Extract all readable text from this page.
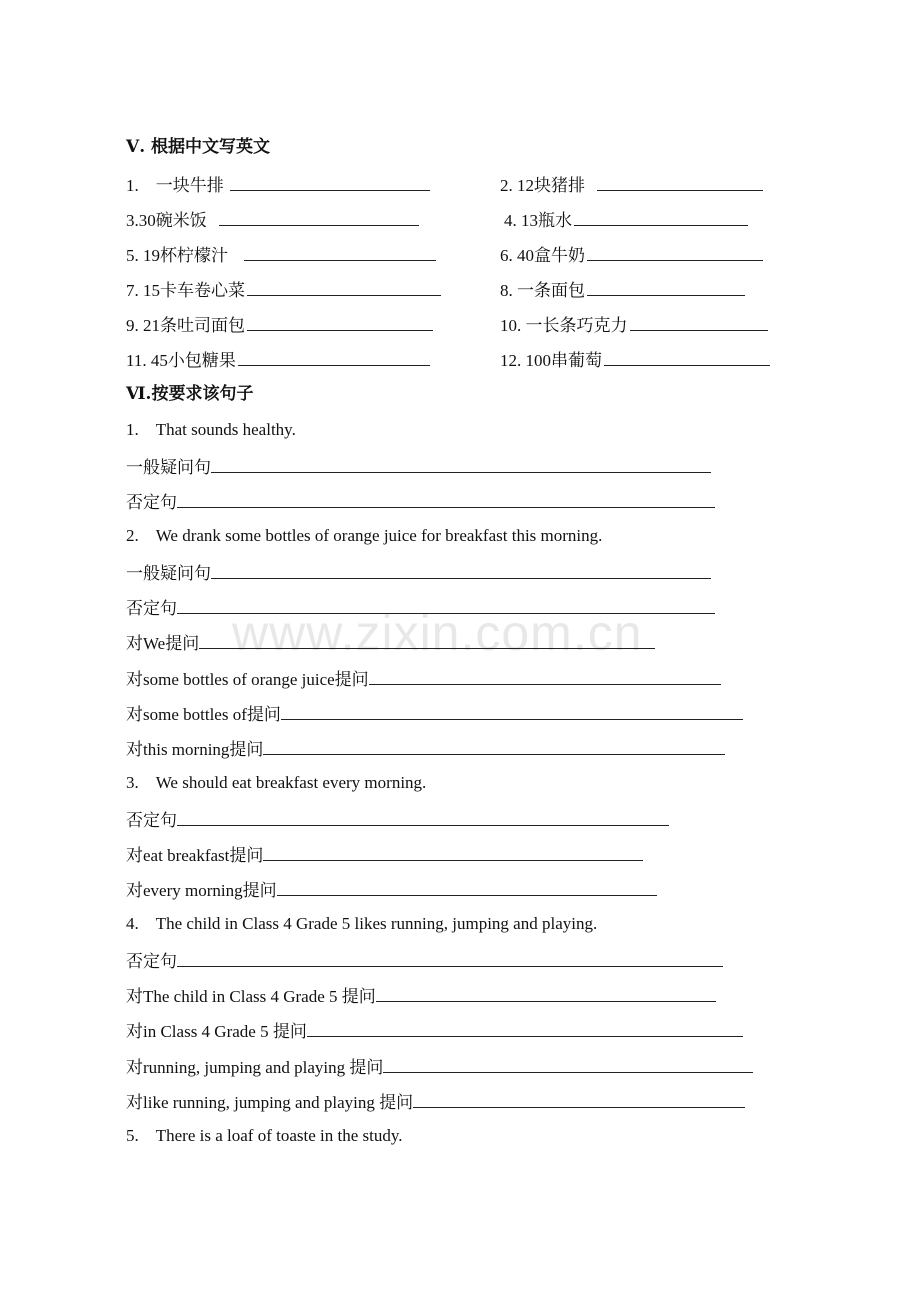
www.zixin.com.cn
Ⅴ. 根据中文写英文
1.　一块牛排	2. 12块猪排
3.30碗米饭	4. 13瓶水
5. 19杯柠檬汁	6. 40盒牛奶
7. 15卡车卷心菜	8. 一条面包
9. 21条吐司面包	10. 一长条巧克力
11. 45小包糖果	12. 100串葡萄
Ⅵ.按要求该句子
1.　That sounds healthy.
一般疑问句
否定句
2.　We drank some bottles of orange juice for breakfast this morning.
一般疑问句
否定句
对We提问
对some bottles of orange juice提问
对some bottles of提问
对this morning提问
3.　We should eat breakfast every morning.
否定句
对eat breakfast提问
对every morning提问
4.　The child in Class 4 Grade 5 likes running, jumping and playing.
否定句
对The child in Class 4 Grade 5 提问
对in Class 4 Grade 5 提问
对running, jumping and playing 提问
对like running, jumping and playing 提问
5.　There is a loaf of toaste in the study.
